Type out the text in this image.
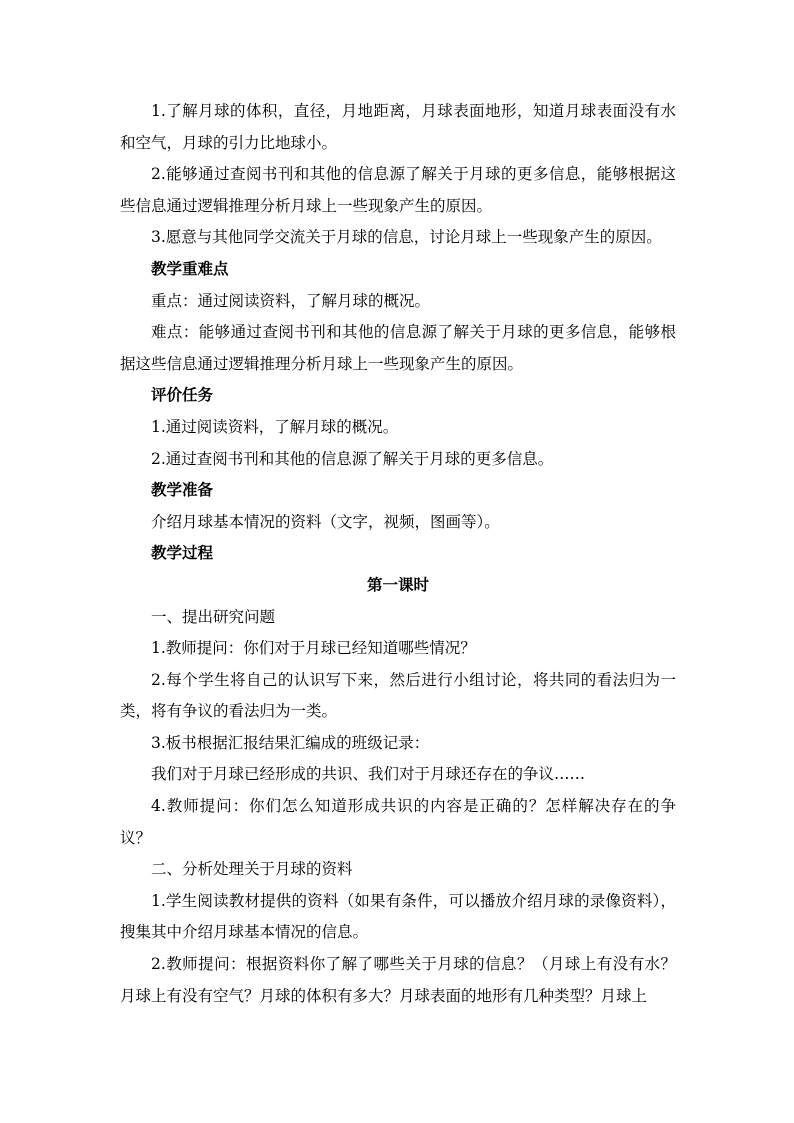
1.了解月球的体积，直径，月地距离，月球表面地形，知道月球表面没有水和空气，月球的引力比地球小。

2.能够通过查阅书刊和其他的信息源了解关于月球的更多信息，能够根据这些信息通过逻辑推理分析月球上一些现象产生的原因。

3.愿意与其他同学交流关于月球的信息，讨论月球上一些现象产生的原因。

教学重难点

重点：通过阅读资料，了解月球的概况。

难点：能够通过查阅书刊和其他的信息源了解关于月球的更多信息，能够根据这些信息通过逻辑推理分析月球上一些现象产生的原因。

评价任务

1.通过阅读资料，了解月球的概况。

2.通过查阅书刊和其他的信息源了解关于月球的更多信息。

教学准备

介绍月球基本情况的资料（文字，视频，图画等）。

教学过程

第一课时

一、提出研究问题

1.教师提问：你们对于月球已经知道哪些情况？

2.每个学生将自己的认识写下来，然后进行小组讨论，将共同的看法归为一类，将有争议的看法归为一类。

3.板书根据汇报结果汇编成的班级记录：

我们对于月球已经形成的共识、我们对于月球还存在的争议……

4.教师提问：你们怎么知道形成共识的内容是正确的？怎样解决存在的争议？

二、分析处理关于月球的资料

1.学生阅读教材提供的资料（如果有条件，可以播放介绍月球的录像资料），搜集其中介绍月球基本情况的信息。

2.教师提问：根据资料你了解了哪些关于月球的信息？（月球上有没有水？月球上有没有空气？月球的体积有多大？月球表面的地形有几种类型？月球上
